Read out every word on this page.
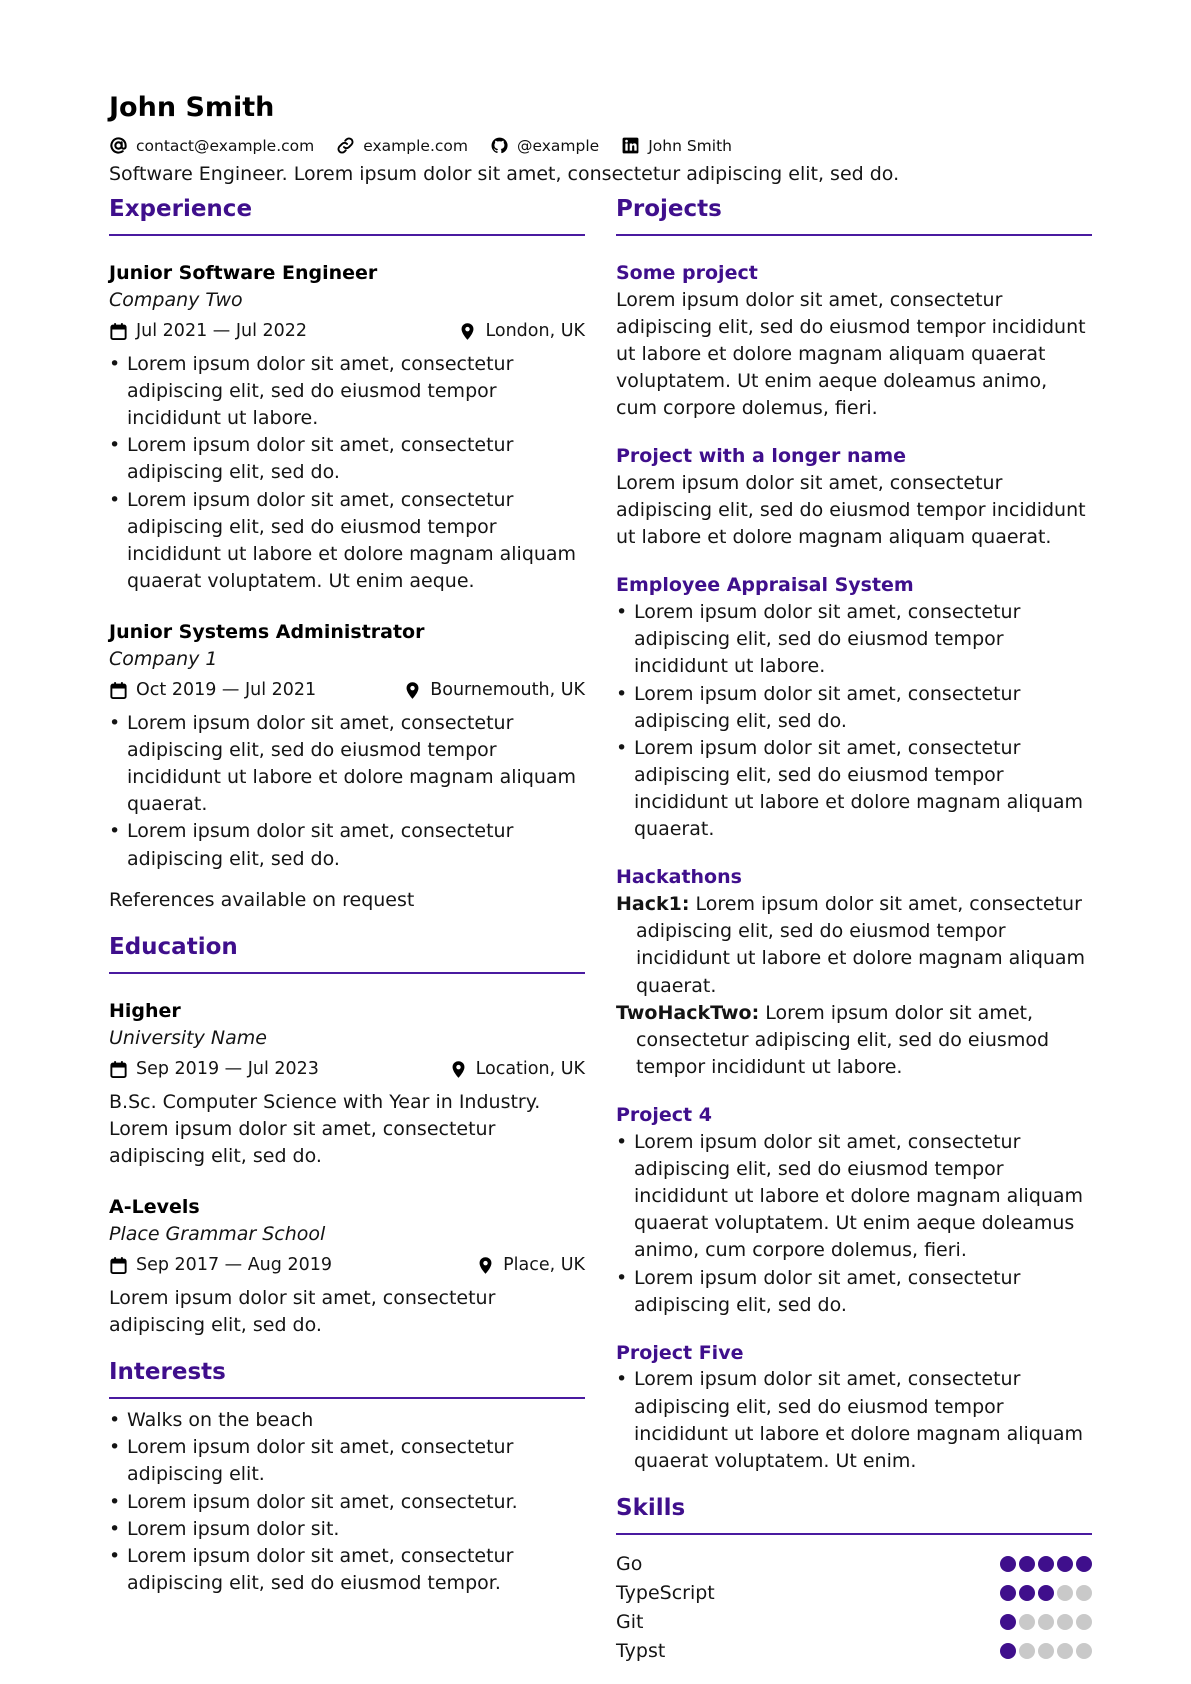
John Smith
contact@example.com	example.com	@example	John Smith
Software Engineer. Lorem ipsum dolor sit amet, consectetur adipiscing elit, sed do.
Experience
Junior Software Engineer
Company Two
Jul 2021 — Jul 2022	London, UK
• Lorem ipsum dolor sit amet, consectetur adipiscing elit, sed do eiusmod tempor incididunt ut labore.
• Lorem ipsum dolor sit amet, consectetur adipiscing elit, sed do.
• Lorem ipsum dolor sit amet, consectetur adipiscing elit, sed do eiusmod tempor incididunt ut labore et dolore magnam aliquam quaerat voluptatem. Ut enim aeque.
Junior Systems Administrator
Company 1
Oct 2019 — Jul 2021	Bournemouth, UK
• Lorem ipsum dolor sit amet, consectetur adipiscing elit, sed do eiusmod tempor incididunt ut labore et dolore magnam aliquam quaerat.
• Lorem ipsum dolor sit amet, consectetur adipiscing elit, sed do.
References available on request
Education
Higher
University Name
Sep 2019 — Jul 2023	Location, UK
B.Sc. Computer Science with Year in Industry. Lorem ipsum dolor sit amet, consectetur adipiscing elit, sed do.
A-Levels
Place Grammar School
Sep 2017 — Aug 2019	Place, UK
Lorem ipsum dolor sit amet, consectetur adipiscing elit, sed do.
Interests
• Walks on the beach
• Lorem ipsum dolor sit amet, consectetur adipiscing elit.
• Lorem ipsum dolor sit amet, consectetur.
• Lorem ipsum dolor sit.
• Lorem ipsum dolor sit amet, consectetur adipiscing elit, sed do eiusmod tempor.
Projects
Some project
Lorem ipsum dolor sit amet, consectetur adipiscing elit, sed do eiusmod tempor incididunt ut labore et dolore magnam aliquam quaerat voluptatem. Ut enim aeque doleamus animo, cum corpore dolemus, fieri.
Project with a longer name
Lorem ipsum dolor sit amet, consectetur adipiscing elit, sed do eiusmod tempor incididunt ut labore et dolore magnam aliquam quaerat.
Employee Appraisal System
• Lorem ipsum dolor sit amet, consectetur adipiscing elit, sed do eiusmod tempor incididunt ut labore.
• Lorem ipsum dolor sit amet, consectetur adipiscing elit, sed do.
• Lorem ipsum dolor sit amet, consectetur adipiscing elit, sed do eiusmod tempor incididunt ut labore et dolore magnam aliquam quaerat.
Hackathons
Hack1: Lorem ipsum dolor sit amet, consectetur adipiscing elit, sed do eiusmod tempor incididunt ut labore et dolore magnam aliquam quaerat.
TwoHackTwo: Lorem ipsum dolor sit amet, consectetur adipiscing elit, sed do eiusmod tempor incididunt ut labore.
Project 4
• Lorem ipsum dolor sit amet, consectetur adipiscing elit, sed do eiusmod tempor incididunt ut labore et dolore magnam aliquam quaerat voluptatem. Ut enim aeque doleamus animo, cum corpore dolemus, fieri.
• Lorem ipsum dolor sit amet, consectetur adipiscing elit, sed do.
Project Five
• Lorem ipsum dolor sit amet, consectetur adipiscing elit, sed do eiusmod tempor incididunt ut labore et dolore magnam aliquam quaerat voluptatem. Ut enim.
Skills
Go
TypeScript
Git
Typst
